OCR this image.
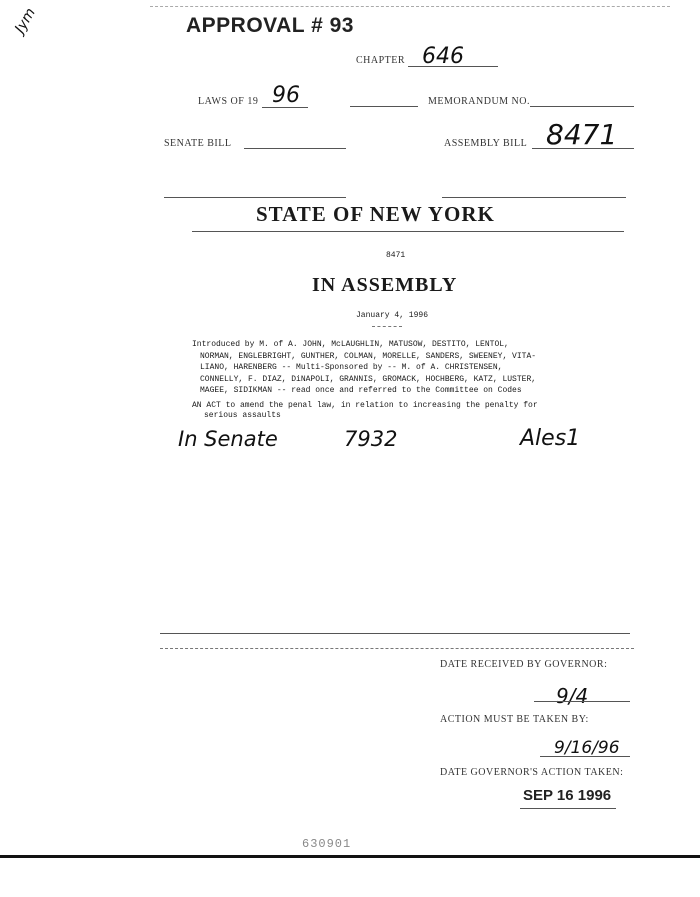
Jym	APPROVAL # 93
CHAPTER 646
LAWS OF 19 96	MEMORANDUM NO.
SENATE BILL	ASSEMBLY BILL 8471
STATE OF NEW YORK
8471
IN ASSEMBLY
January 4, 1996
Introduced by M. of A. JOHN, McLAUGHLIN, MATUSOW, DESTITO, LENTOL,
NORMAN, ENGLEBRIGHT, GUNTHER, COLMAN, MORELLE, SANDERS, SWEENEY, VITA-
LIANO, HARENBERG -- Multi-Sponsored by -- M. of A. CHRISTENSEN,
CONNELLY, F. DIAZ, DiNAPOLI, GRANNIS, GROMACK, HOCHBERG, KATZ, LUSTER,
MAGEE, SIDIKMAN -- read once and referred to the Committee on Codes
AN ACT to amend the penal law, in relation to increasing the penalty for
serious assaults
In Senate	7932	Ales1
DATE RECEIVED BY GOVERNOR:
9/4
ACTION MUST BE TAKEN BY:
9/16/96
DATE GOVERNOR'S ACTION TAKEN:
SEP 16 1996
630901
